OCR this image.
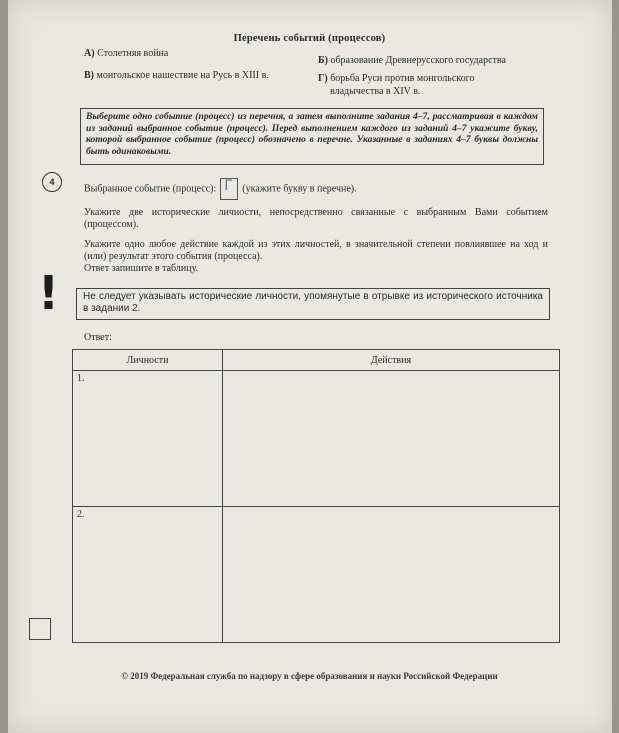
Перечень событий (процессов)
А) Столетняя война
Б) образование Древнерусского государства
В) монгольское нашествие на Русь в XIII в.	Г) борьба Руси против монгольского
владычества в XIV в.
Выберите одно событие (процесс) из перечня, а затем выполните задания 4–7, рассматривая в каждом из заданий выбранное событие (процесс). Перед выполнением каждого из заданий 4–7 укажите букву, которой выбранное событие (процесс) обозначено в перечне. Указанные в заданиях 4–7 буквы должны быть одинаковыми.
4
Выбранное событие (процесс): Г (укажите букву в перечне).
Укажите две исторические личности, непосредственно связанные с выбранным Вами событием (процессом).
Укажите одно любое действие каждой из этих личностей, в значительной степени повлиявшее на ход и (или) результат этого события (процесса).
Ответ запишите в таблицу.
!	Не следует указывать исторические личности, упомянутые в отрывке из исторического источника в задании 2.
Ответ:
Личности	Действия
1.	
2.	
© 2019 Федеральная служба по надзору в сфере образования и науки Российской Федерации
